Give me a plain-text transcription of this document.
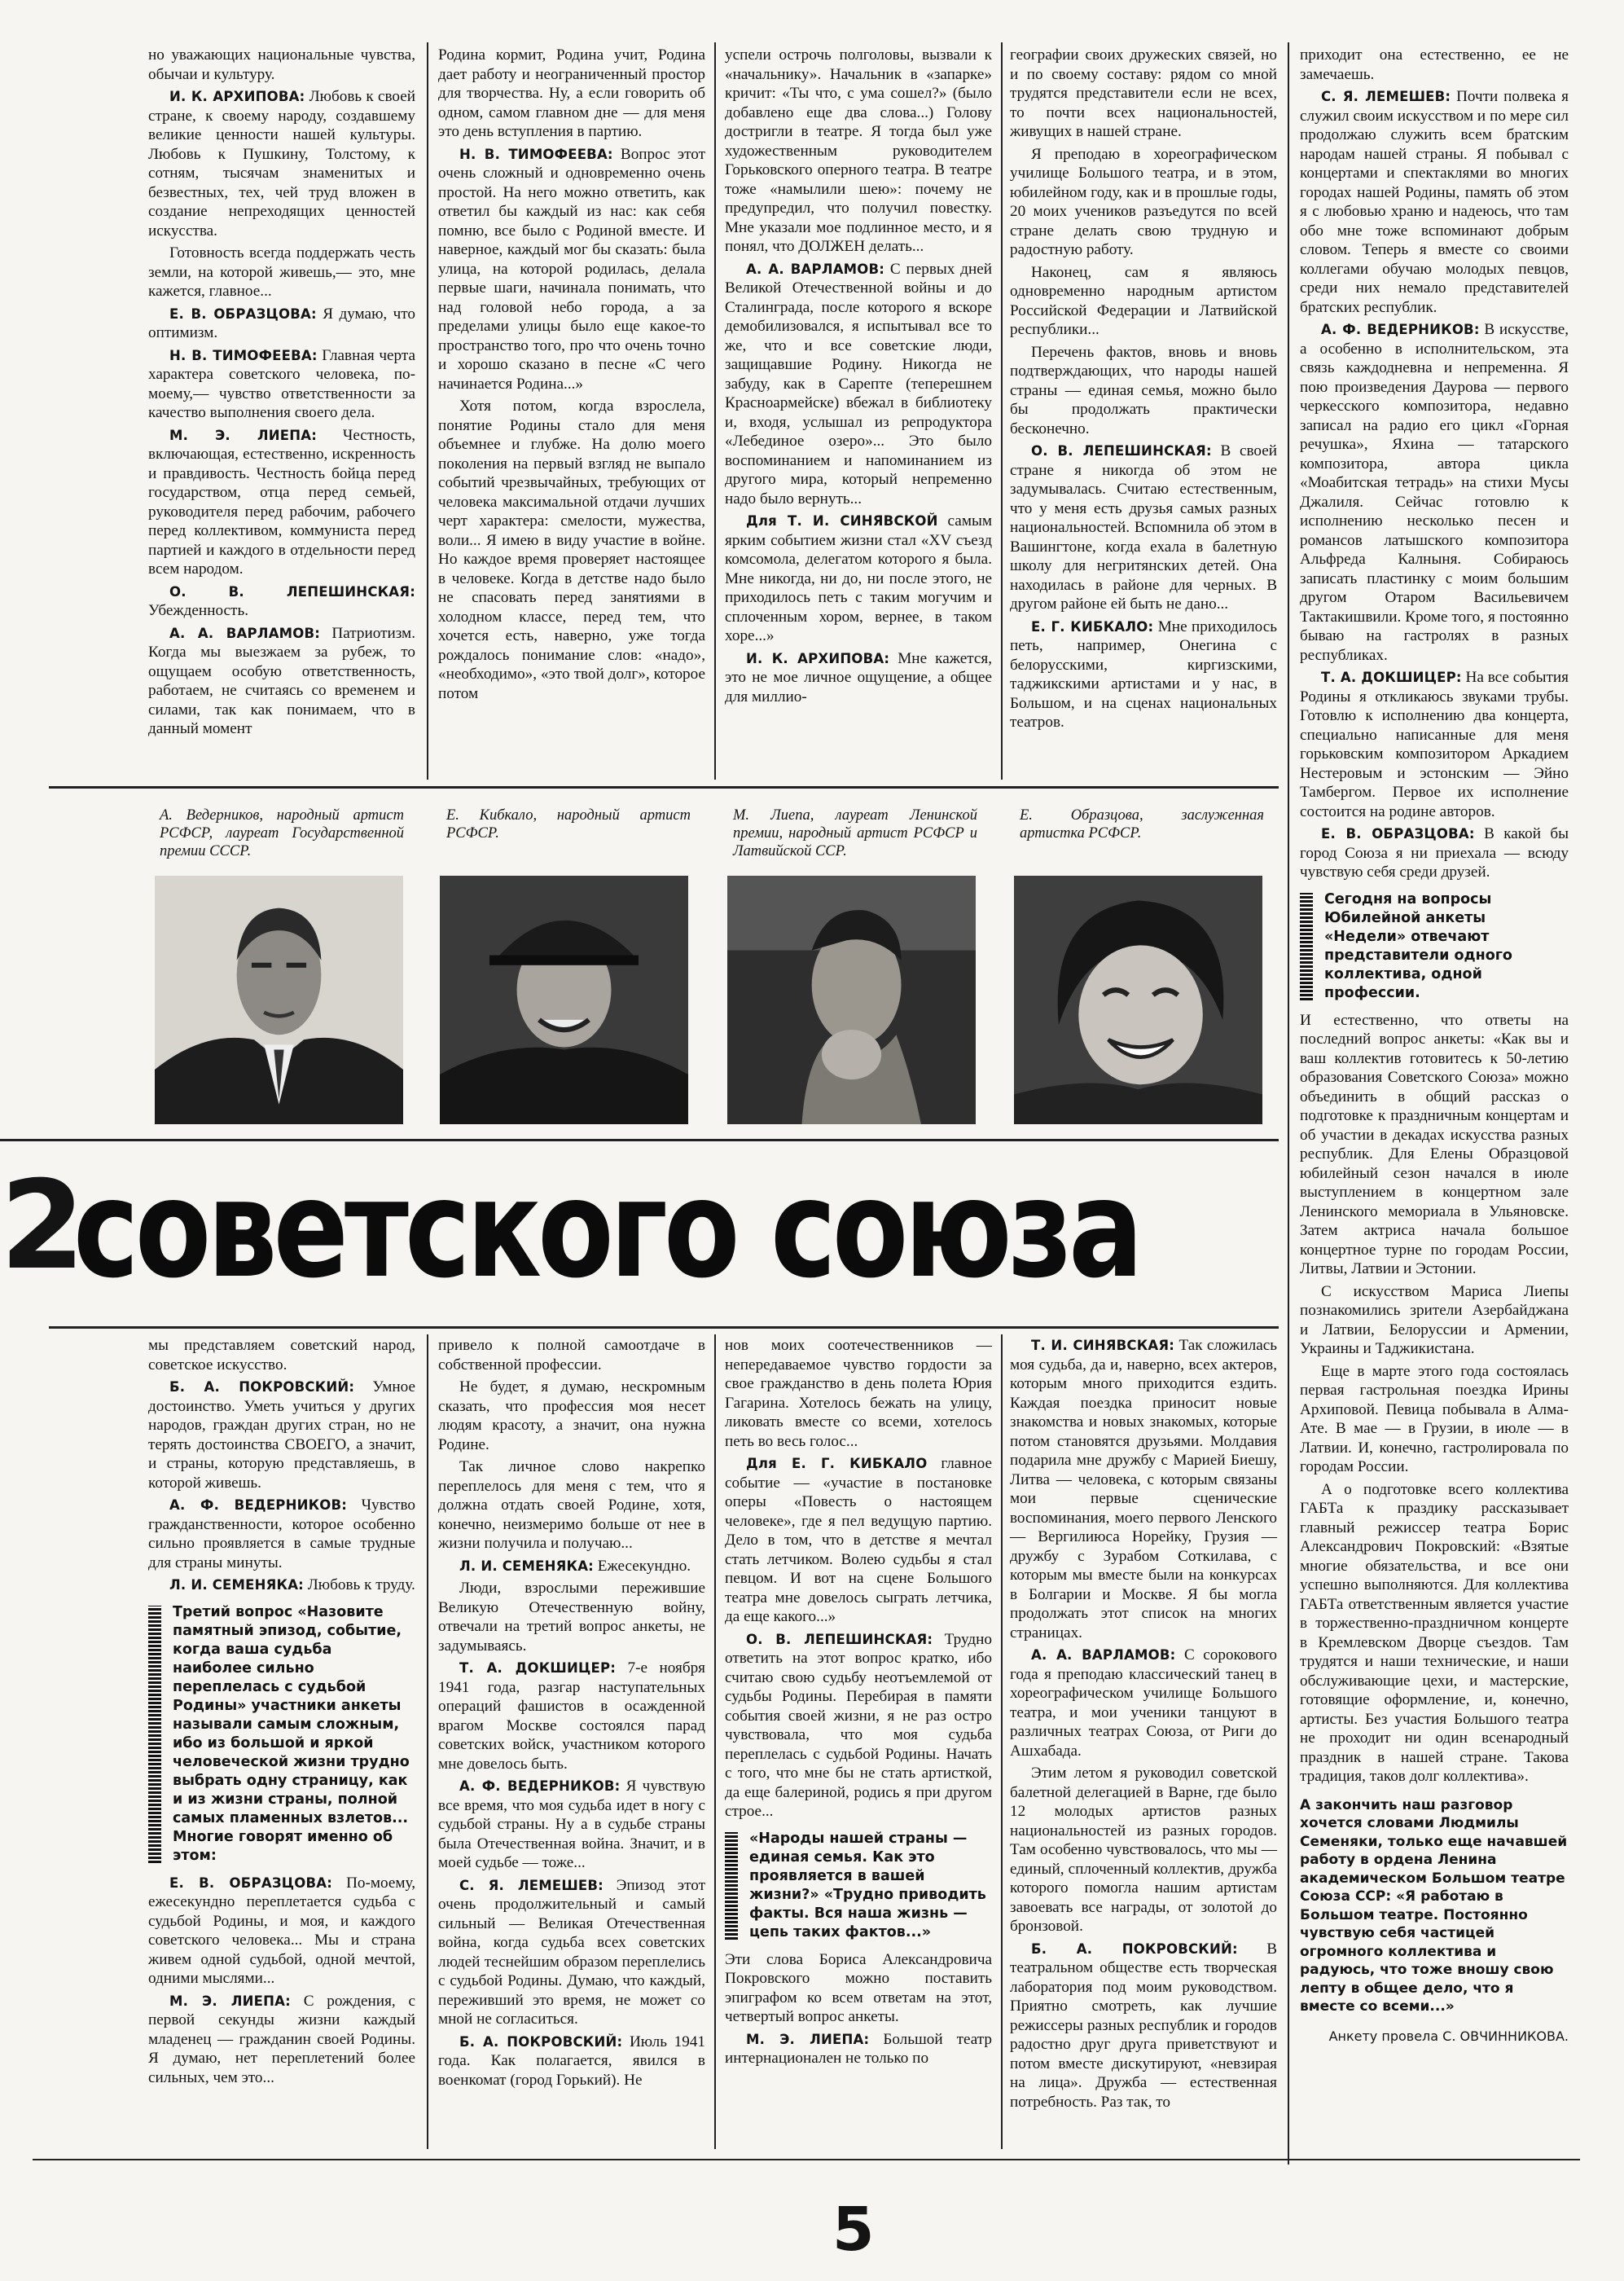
но уважающих национальные чувства, обычаи и культуру.

И. К. АРХИПОВА: Любовь к своей стране, к своему народу, создавшему великие ценности нашей культуры. Любовь к Пушкину, Толстому, к сотням, тысячам знаменитых и безвестных, тех, чей труд вложен в создание непреходящих ценностей искусства.

Готовность всегда поддержать честь земли, на которой живешь,— это, мне кажется, главное...

Е. В. ОБРАЗЦОВА: Я думаю, что оптимизм.

Н. В. ТИМОФЕЕВА: Главная черта характера советского человека, по-моему,— чувство ответственности за качество выполнения своего дела.

М. Э. ЛИЕПА: Честность, включающая, естественно, искренность и правдивость. Честность бойца перед государством, отца перед семьей, руководителя перед рабочим, рабочего перед коллективом, коммуниста перед партией и каждого в отдельности перед всем народом.

О. В. ЛЕПЕШИНСКАЯ: Убежденность.

А. А. ВАРЛАМОВ: Патриотизм. Когда мы выезжаем за рубеж, то ощущаем особую ответственность, работаем, не считаясь со временем и силами, так как понимаем, что в данный момент

Родина кормит, Родина учит, Родина дает работу и неограниченный простор для творчества. Ну, а если говорить об одном, самом главном дне — для меня это день вступления в партию.

Н. В. ТИМОФЕЕВА: Вопрос этот очень сложный и одновременно очень простой. На него можно ответить, как ответил бы каждый из нас: как себя помню, все было с Родиной вместе. И наверное, каждый мог бы сказать: была улица, на которой родилась, делала первые шаги, начинала понимать, что над головой небо города, а за пределами улицы было еще какое-то пространство того, про что очень точно и хорошо сказано в песне «С чего начинается Родина...»

Хотя потом, когда взрослела, понятие Родины стало для меня объемнее и глубже. На долю моего поколения на первый взгляд не выпало событий чрезвычайных, требующих от человека максимальной отдачи лучших черт характера: смелости, мужества, воли... Я имею в виду участие в войне. Но каждое время проверяет настоящее в человеке. Когда в детстве надо было не спасовать перед занятиями в холодном классе, перед тем, что хочется есть, наверно, уже тогда рождалось понимание слов: «надо», «необходимо», «это твой долг», которое потом

успели острочь полголовы, вызвали к «начальнику». Начальник в «запарке» кричит: «Ты что, с ума сошел?» (было добавлено еще два слова...) Голову достригли в театре. Я тогда был уже художественным руководителем Горьковского оперного театра. В театре тоже «намылили шею»: почему не предупредил, что получил повестку. Мне указали мое подлинное место, и я понял, что ДОЛЖЕН делать...

А. А. ВАРЛАМОВ: С первых дней Великой Отечественной войны и до Сталинграда, после которого я вскоре демобилизовался, я испытывал все то же, что и все советские люди, защищавшие Родину. Никогда не забуду, как в Сарепте (теперешнем Красноармейске) вбежал в библиотеку и, входя, услышал из репродуктора «Лебединое озеро»... Это было воспоминанием и напоминанием из другого мира, который непременно надо было вернуть...

Для Т. И. СИНЯВСКОЙ самым ярким событием жизни стал «XV съезд комсомола, делегатом которого я была. Мне никогда, ни до, ни после этого, не приходилось петь с таким могучим и сплоченным хором, вернее, в таком хоре...»

И. К. АРХИПОВА: Мне кажется, это не мое личное ощущение, а общее для миллио-

географии своих дружеских связей, но и по своему составу: рядом со мной трудятся представители если не всех, то почти всех национальностей, живущих в нашей стране.

Я преподаю в хореографическом училище Большого театра, и в этом, юбилейном году, как и в прошлые годы, 20 моих учеников разъедутся по всей стране делать свою трудную и радостную работу.

Наконец, сам я являюсь одновременно народным артистом Российской Федерации и Латвийской республики...

Перечень фактов, вновь и вновь подтверждающих, что народы нашей страны — единая семья, можно было бы продолжать практически бесконечно.

О. В. ЛЕПЕШИНСКАЯ: В своей стране я никогда об этом не задумывалась. Считаю естественным, что у меня есть друзья самых разных национальностей. Вспомнила об этом в Вашингтоне, когда ехала в балетную школу для негритянских детей. Она находилась в районе для черных. В другом районе ей быть не дано...

Е. Г. КИБКАЛО: Мне приходилось петь, например, Онегина с белорусскими, киргизскими, таджикскими артистами и у нас, в Большом, и на сценах национальных театров.

приходит она естественно, ее не замечаешь.

С. Я. ЛЕМЕШЕВ: Почти полвека я служил своим искусством и по мере сил продолжаю служить всем братским народам нашей страны. Я побывал с концертами и спектаклями во многих городах нашей Родины, память об этом я с любовью храню и надеюсь, что там обо мне тоже вспоминают добрым словом. Теперь я вместе со своими коллегами обучаю молодых певцов, среди них немало представителей братских республик.

А. Ф. ВЕДЕРНИКОВ: В искусстве, а особенно в исполнительском, эта связь каждодневна и непременна. Я пою произведения Даурова — первого черкесского композитора, недавно записал на радио его цикл «Горная речушка», Яхина — татарского композитора, автора цикла «Моабитская тетрадь» на стихи Мусы Джалиля. Сейчас готовлю к исполнению несколько песен и романсов латышского композитора Альфреда Калныня. Собираюсь записать пластинку с моим большим другом Отаром Васильевичем Тактакишвили. Кроме того, я постоянно бываю на гастролях в разных республиках.

Т. А. ДОКШИЦЕР: На все события Родины я откликаюсь звуками трубы. Готовлю к исполнению два концерта, специально написанные для меня горьковским композитором Аркадием Нестеровым и эстонским — Эйно Тамбергом. Первое их исполнение состоится на родине авторов.

Е. В. ОБРАЗЦОВА: В какой бы город Союза я ни приехала — всюду чувствую себя среди друзей.

Сегодня на вопросы Юбилейной анкеты «Недели» отвечают представители одного коллектива, одной профессии.

И естественно, что ответы на последний вопрос анкеты: «Как вы и ваш коллектив готовитесь к 50-летию образования Советского Союза» можно объединить в общий рассказ о подготовке к праздничным концертам и об участии в декадах искусства разных республик. Для Елены Образцовой юбилейный сезон начался в июле выступлением в концертном зале Ленинского мемориала в Ульяновске. Затем актриса начала большое концертное турне по городам России, Литвы, Латвии и Эстонии.

С искусством Мариса Лиепы познакомились зрители Азербайджана и Латвии, Белоруссии и Армении, Украины и Таджикистана.

Еще в марте этого года состоялась первая гастрольная поездка Ирины Архиповой. Певица побывала в Алма-Ате. В мае — в Грузии, в июле — в Латвии. И, конечно, гастролировала по городам России.

А о подготовке всего коллектива ГАБТа к праздику рассказывает главный режиссер театра Борис Александрович Покровский: «Взятые многие обязательства, и все они успешно выполняются. Для коллектива ГАБТа ответственным является участие в торжественно-праздничном концерте в Кремлевском Дворце съездов. Там трудятся и наши технические, и наши обслуживающие цехи, и мастерские, готовящие оформление, и, конечно, артисты. Без участия Большого театра не проходит ни один всенародный праздник в нашей стране. Такова традиция, таков долг коллектива».

А закончить наш разговор хочется словами Людмилы Семеняки, только еще начавшей работу в ордена Ленина академическом Большом театре Союза ССР: «Я работаю в Большом театре. Постоянно чувствую себя частицей огромного коллектива и радуюсь, что тоже вношу свою лепту в общее дело, что я вместе со всеми...»
Анкету провела С. ОВЧИННИКОВА.
А. Ведерников, народный артист РСФСР, лауреат Государственной премии СССР.
Е. Кибкало, народный артист РСФСР.
М. Лиепа, лауреат Ленинской премии, народный артист РСФСР и Латвийской ССР.
Е. Образцова, заслуженная артистка РСФСР.
2
советского союза

мы представляем советский народ, советское искусство.

Б. А. ПОКРОВСКИЙ: Умное достоинство. Уметь учиться у других народов, граждан других стран, но не терять достоинства СВОЕГО, а значит, и страны, которую представляешь, в которой живешь.

А. Ф. ВЕДЕРНИКОВ: Чувство гражданственности, которое особенно сильно проявляется в самые трудные для страны минуты.

Л. И. СЕМЕНЯКА: Любовь к труду.

Третий вопрос «Назовите памятный эпизод, событие, когда ваша судьба наиболее сильно переплелась с судьбой Родины» участники анкеты называли самым сложным, ибо из большой и яркой человеческой жизни трудно выбрать одну страницу, как и из жизни страны, полной самых пламенных взлетов... Многие говорят именно об этом:

Е. В. ОБРАЗЦОВА: По-моему, ежесекундно переплетается судьба с судьбой Родины, и моя, и каждого советского человека... Мы и страна живем одной судьбой, одной мечтой, одними мыслями...

М. Э. ЛИЕПА: С рождения, с первой секунды жизни каждый младенец — гражданин своей Родины. Я думаю, нет переплетений более сильных, чем это...

привело к полной самоотдаче в собственной профессии.

Не будет, я думаю, нескромным сказать, что профессия моя несет людям красоту, а значит, она нужна Родине.

Так личное слово накрепко переплелось для меня с тем, что я должна отдать своей Родине, хотя, конечно, неизмеримо больше от нее в жизни получила и получаю...

Л. И. СЕМЕНЯКА: Ежесекундно.

Люди, взрослыми пережившие Великую Отечественную войну, отвечали на третий вопрос анкеты, не задумываясь.

Т. А. ДОКШИЦЕР: 7-е ноября 1941 года, разгар наступательных операций фашистов в осажденной врагом Москве состоялся парад советских войск, участником которого мне довелось быть.

А. Ф. ВЕДЕРНИКОВ: Я чувствую все время, что моя судьба идет в ногу с судьбой страны. Ну а в судьбе страны была Отечественная война. Значит, и в моей судьбе — тоже...

С. Я. ЛЕМЕШЕВ: Эпизод этот очень продолжительный и самый сильный — Великая Отечественная война, когда судьба всех советских людей теснейшим образом переплелись с судьбой Родины. Думаю, что каждый, переживший это время, не может со мной не согласиться.

Б. А. ПОКРОВСКИЙ: Июль 1941 года. Как полагается, явился в военкомат (город Горький). Не

нов моих соотечественников — непередаваемое чувство гордости за свое гражданство в день полета Юрия Гагарина. Хотелось бежать на улицу, ликовать вместе со всеми, хотелось петь во весь голос...

Для Е. Г. КИБКАЛО главное событие — «участие в постановке оперы «Повесть о настоящем человеке», где я пел ведущую партию. Дело в том, что в детстве я мечтал стать летчиком. Волею судьбы я стал певцом. И вот на сцене Большого театра мне довелось сыграть летчика, да еще какого...»

О. В. ЛЕПЕШИНСКАЯ: Трудно ответить на этот вопрос кратко, ибо считаю свою судьбу неотъемлемой от судьбы Родины. Перебирая в памяти события своей жизни, я не раз остро чувствовала, что моя судьба переплелась с судьбой Родины. Начать с того, что мне бы не стать артисткой, да еще балериной, родись я при другом строе...

«Народы нашей страны — единая семья. Как это проявляется в вашей жизни?» «Трудно приводить факты. Вся наша жизнь — цепь таких фактов...»

Эти слова Бориса Александровича Покровского можно поставить эпиграфом ко всем ответам на этот, четвертый вопрос анкеты.

М. Э. ЛИЕПА: Большой театр интернационален не только по

Т. И. СИНЯВСКАЯ: Так сложилась моя судьба, да и, наверно, всех актеров, которым много приходится ездить. Каждая поездка приносит новые знакомства и новых знакомых, которые потом становятся друзьями. Молдавия подарила мне дружбу с Марией Биешу, Литва — человека, с которым связаны мои первые сценические воспоминания, моего первого Ленского — Вергилиюса Норейку, Грузия — дружбу с Зурабом Соткилава, с которым мы вместе были на конкурсах в Болгарии и Москве. Я бы могла продолжать этот список на многих страницах.

А. А. ВАРЛАМОВ: С сорокового года я преподаю классический танец в хореографическом училище Большого театра, и мои ученики танцуют в различных театрах Союза, от Риги до Ашхабада.

Этим летом я руководил советской балетной делегацией в Варне, где было 12 молодых артистов разных национальностей из разных городов. Там особенно чувствовалось, что мы — единый, сплоченный коллектив, дружба которого помогла нашим артистам завоевать все награды, от золотой до бронзовой.

Б. А. ПОКРОВСКИЙ: В театральном обществе есть творческая лаборатория под моим руководством. Приятно смотреть, как лучшие режиссеры разных республик и городов радостно друг друга приветствуют и потом вместе дискутируют, «невзирая на лица». Дружба — естественная потребность. Раз так, то

5
